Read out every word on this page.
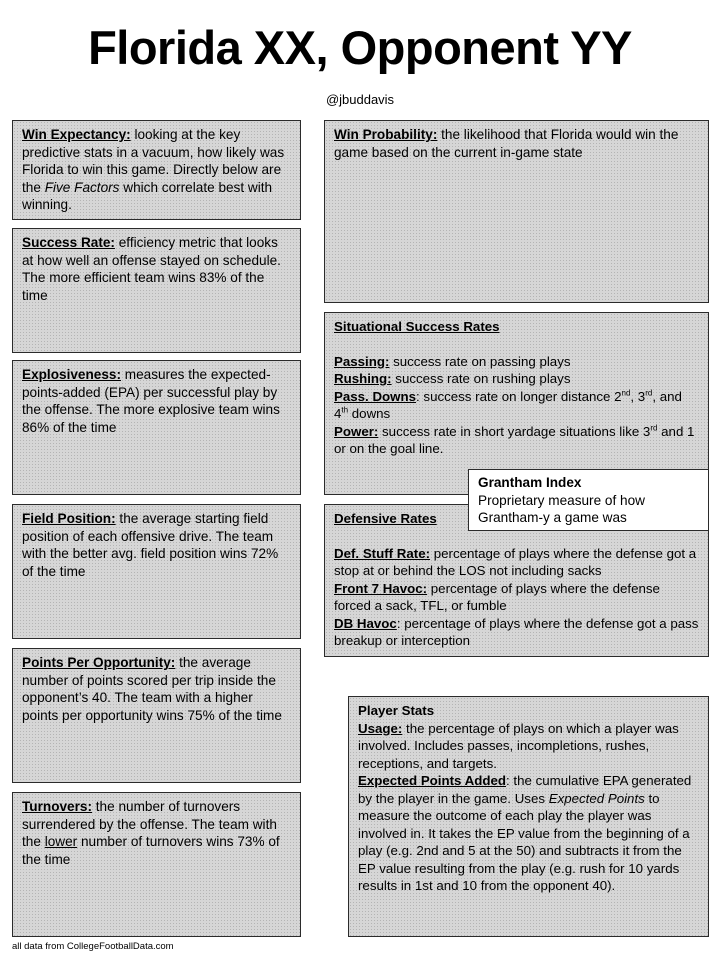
Florida XX, Opponent YY
@jbuddavis
Win Expectancy: looking at the key predictive stats in a vacuum, how likely was Florida to win this game. Directly below are the Five Factors which correlate best with winning.
Success Rate: efficiency metric that looks at how well an offense stayed on schedule. The more efficient team wins 83% of the time
Explosiveness: measures the expected-points-added (EPA) per successful play by the offense. The more explosive team wins 86% of the time
Field Position: the average starting field position of each offensive drive. The team with the better avg. field position wins 72% of the time
Points Per Opportunity: the average number of points scored per trip inside the opponent’s 40. The team with a higher points per opportunity wins 75% of the time
Turnovers: the number of turnovers surrendered by the offense. The team with the lower number of turnovers wins 73% of the time
Win Probability: the likelihood that Florida would win the game based on the current in-game state

Situational Success Rates

Passing: success rate on passing plays

Rushing: success rate on rushing plays

Pass. Downs: success rate on longer distance 2nd, 3rd, and 4th downs

Power: success rate in short yardage situations like 3rd and 1 or on the goal line.

Defensive Rates

Def. Stuff Rate: percentage of plays where the defense got a stop at or behind the LOS not including sacks

Front 7 Havoc: percentage of plays where the defense forced a sack, TFL, or fumble

DB Havoc: percentage of plays where the defense got a pass breakup or interception

Grantham Index

Proprietary measure of how Grantham-y a game was

Player Stats

Usage: the percentage of plays on which a player was involved. Includes passes, incompletions, rushes, receptions, and targets.

Expected Points Added: the cumulative EPA generated by the player in the game. Uses Expected Points to measure the outcome of each play the player was involved in. It takes the EP value from the beginning of a play (e.g. 2nd and 5 at the 50) and subtracts it from the EP value resulting from the play (e.g. rush for 10 yards results in 1st and 10 from the opponent 40).

all data from CollegeFootballData.com
